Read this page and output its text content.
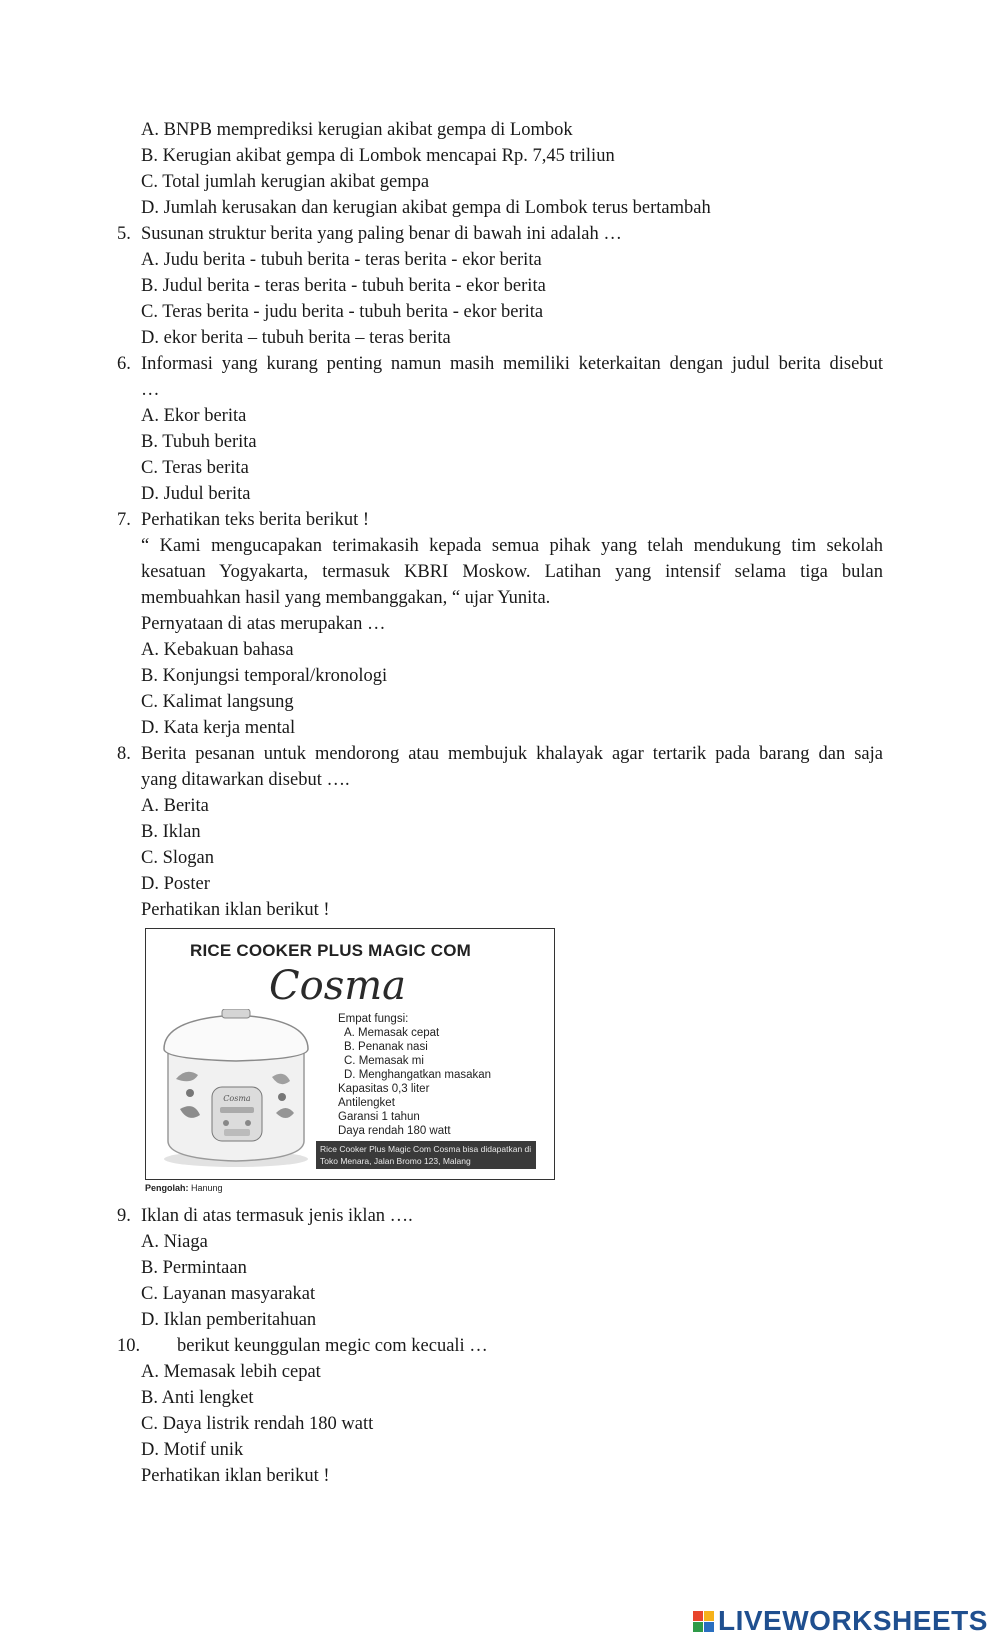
A. BNPB memprediksi kerugian akibat gempa di Lombok
B. Kerugian akibat gempa di Lombok mencapai Rp. 7,45 triliun
C. Total jumlah kerugian akibat gempa
D. Jumlah kerusakan dan kerugian akibat gempa di Lombok terus bertambah
5. Susunan struktur berita yang paling benar di bawah ini adalah …
A. Judu berita - tubuh berita - teras berita - ekor berita
B. Judul berita - teras berita - tubuh berita - ekor berita
C. Teras berita - judu berita - tubuh berita - ekor berita
D. ekor berita – tubuh berita – teras berita
6. Informasi yang kurang penting namun masih memiliki keterkaitan dengan judul berita disebut
…
A. Ekor berita
B. Tubuh berita
C. Teras berita
D. Judul berita
7. Perhatikan teks berita berikut !
“ Kami mengucapakan terimakasih kepada semua pihak yang telah mendukung tim sekolah
kesatuan Yogyakarta, termasuk KBRI Moskow. Latihan yang intensif selama tiga bulan
membuahkan hasil yang membanggakan, “ ujar Yunita.
Pernyataan di atas merupakan …
A. Kebakuan bahasa
B. Konjungsi temporal/kronologi
C. Kalimat langsung
D. Kata kerja mental
8. Berita pesanan untuk mendorong atau membujuk khalayak agar tertarik pada barang dan saja
yang ditawarkan disebut ….
A. Berita
B. Iklan
C. Slogan
D. Poster
Perhatikan iklan berikut !
RICE COOKER PLUS MAGIC COM
Cosma
Cosma
Empat fungsi:
A. Memasak cepat
B. Penanak nasi
C. Memasak mi
D. Menghangatkan masakan
Kapasitas 0,3 liter
Antilengket
Garansi 1 tahun
Daya rendah 180 watt
Rice Cooker Plus Magic Com Cosma bisa didapatkan di
Toko Menara, Jalan Bromo 123, Malang
Pengolah: Hanung
9. Iklan di atas termasuk jenis iklan ….
A. Niaga
B. Permintaan
C. Layanan masyarakat
D. Iklan pemberitahuan
10. berikut keunggulan megic com kecuali …
A. Memasak lebih cepat
B. Anti lengket
C. Daya listrik rendah 180 watt
D. Motif unik
Perhatikan iklan berikut !
LIVEWORKSHEETS
